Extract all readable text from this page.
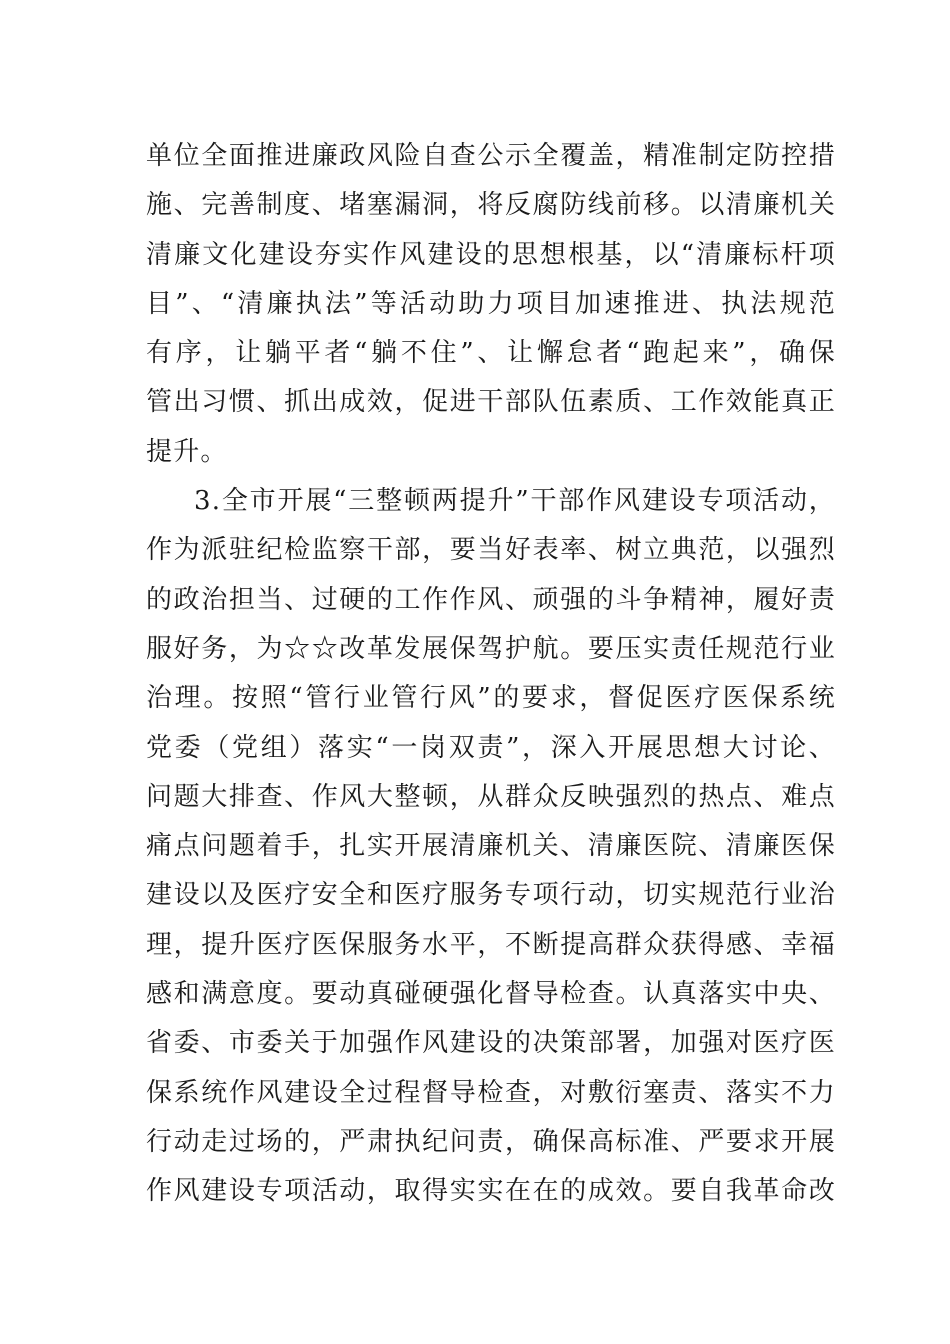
单位全面推进廉政风险自查公示全覆盖，精准制定防控措
施、完善制度、堵塞漏洞，将反腐防线前移。以清廉机关
清廉文化建设夯实作风建设的思想根基，以“清廉标杆项
目”、“清廉执法”等活动助力项目加速推进、执法规范
有序，让躺平者“躺不住”、让懈怠者“跑起来”，确保
管出习惯、抓出成效，促进干部队伍素质、工作效能真正
提升。
3.全市开展“三整顿两提升”干部作风建设专项活动，
作为派驻纪检监察干部，要当好表率、树立典范，以强烈
的政治担当、过硬的工作作风、顽强的斗争精神，履好责
服好务，为☆☆改革发展保驾护航。要压实责任规范行业
治理。按照“管行业管行风”的要求，督促医疗医保系统
党委（党组）落实“一岗双责”，深入开展思想大讨论、
问题大排查、作风大整顿，从群众反映强烈的热点、难点
痛点问题着手，扎实开展清廉机关、清廉医院、清廉医保
建设以及医疗安全和医疗服务专项行动，切实规范行业治
理，提升医疗医保服务水平，不断提高群众获得感、幸福
感和满意度。要动真碰硬强化督导检查。认真落实中央、
省委、市委关于加强作风建设的决策部署，加强对医疗医
保系统作风建设全过程督导检查，对敷衍塞责、落实不力
行动走过场的，严肃执纪问责，确保高标准、严要求开展
作风建设专项活动，取得实实在在的成效。要自我革命改
